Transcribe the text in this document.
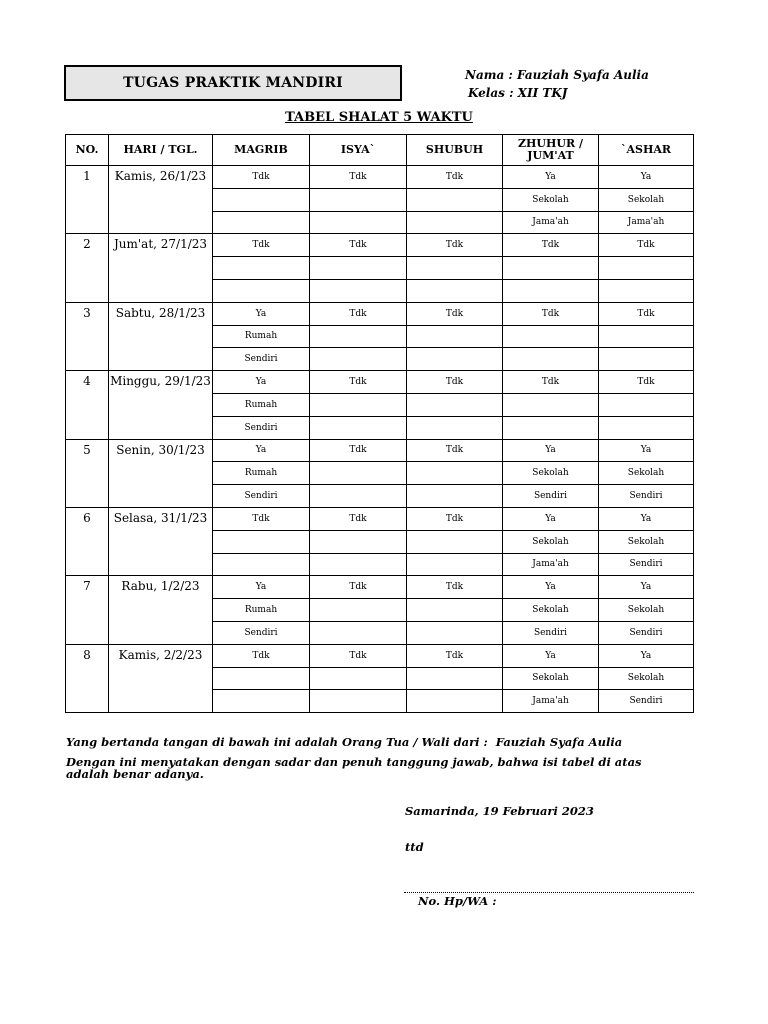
TUGAS PRAKTIK MANDIRI	Nama : Fauziah Syafa Aulia
Kelas : XII TKJ
TABEL SHALAT 5 WAKTU
NO.	HARI / TGL.	MAGRIB	ISYA`	SHUBUH	ZHUHUR / JUM'AT	`ASHAR
1	Kamis, 26/1/23	Tdk	Tdk	Tdk	Ya	Ya
					Sekolah	Sekolah
					Jama'ah	Jama'ah
2	Jum'at, 27/1/23	Tdk	Tdk	Tdk	Tdk	Tdk

3	Sabtu, 28/1/23	Ya	Tdk	Tdk	Tdk	Tdk
		Rumah				
		Sendiri				
4	Minggu, 29/1/23	Ya	Tdk	Tdk	Tdk	Tdk
		Rumah				
		Sendiri				
5	Senin, 30/1/23	Ya	Tdk	Tdk	Ya	Ya
		Rumah			Sekolah	Sekolah
		Sendiri			Sendiri	Sendiri
6	Selasa, 31/1/23	Tdk	Tdk	Tdk	Ya	Ya
					Sekolah	Sekolah
					Jama'ah	Sendiri
7	Rabu, 1/2/23	Ya	Tdk	Tdk	Ya	Ya
		Rumah			Sekolah	Sekolah
		Sendiri			Sendiri	Sendiri
8	Kamis, 2/2/23	Tdk	Tdk	Tdk	Ya	Ya
					Sekolah	Sekolah
					Jama'ah	Sendiri
Yang bertanda tangan di bawah ini adalah Orang Tua / Wali dari : Fauziah Syafa Aulia
Dengan ini menyatakan dengan sadar dan penuh tanggung jawab, bahwa isi tabel di atas adalah benar adanya.
Samarinda, 19 Februari 2023
ttd
No. Hp/WA :
